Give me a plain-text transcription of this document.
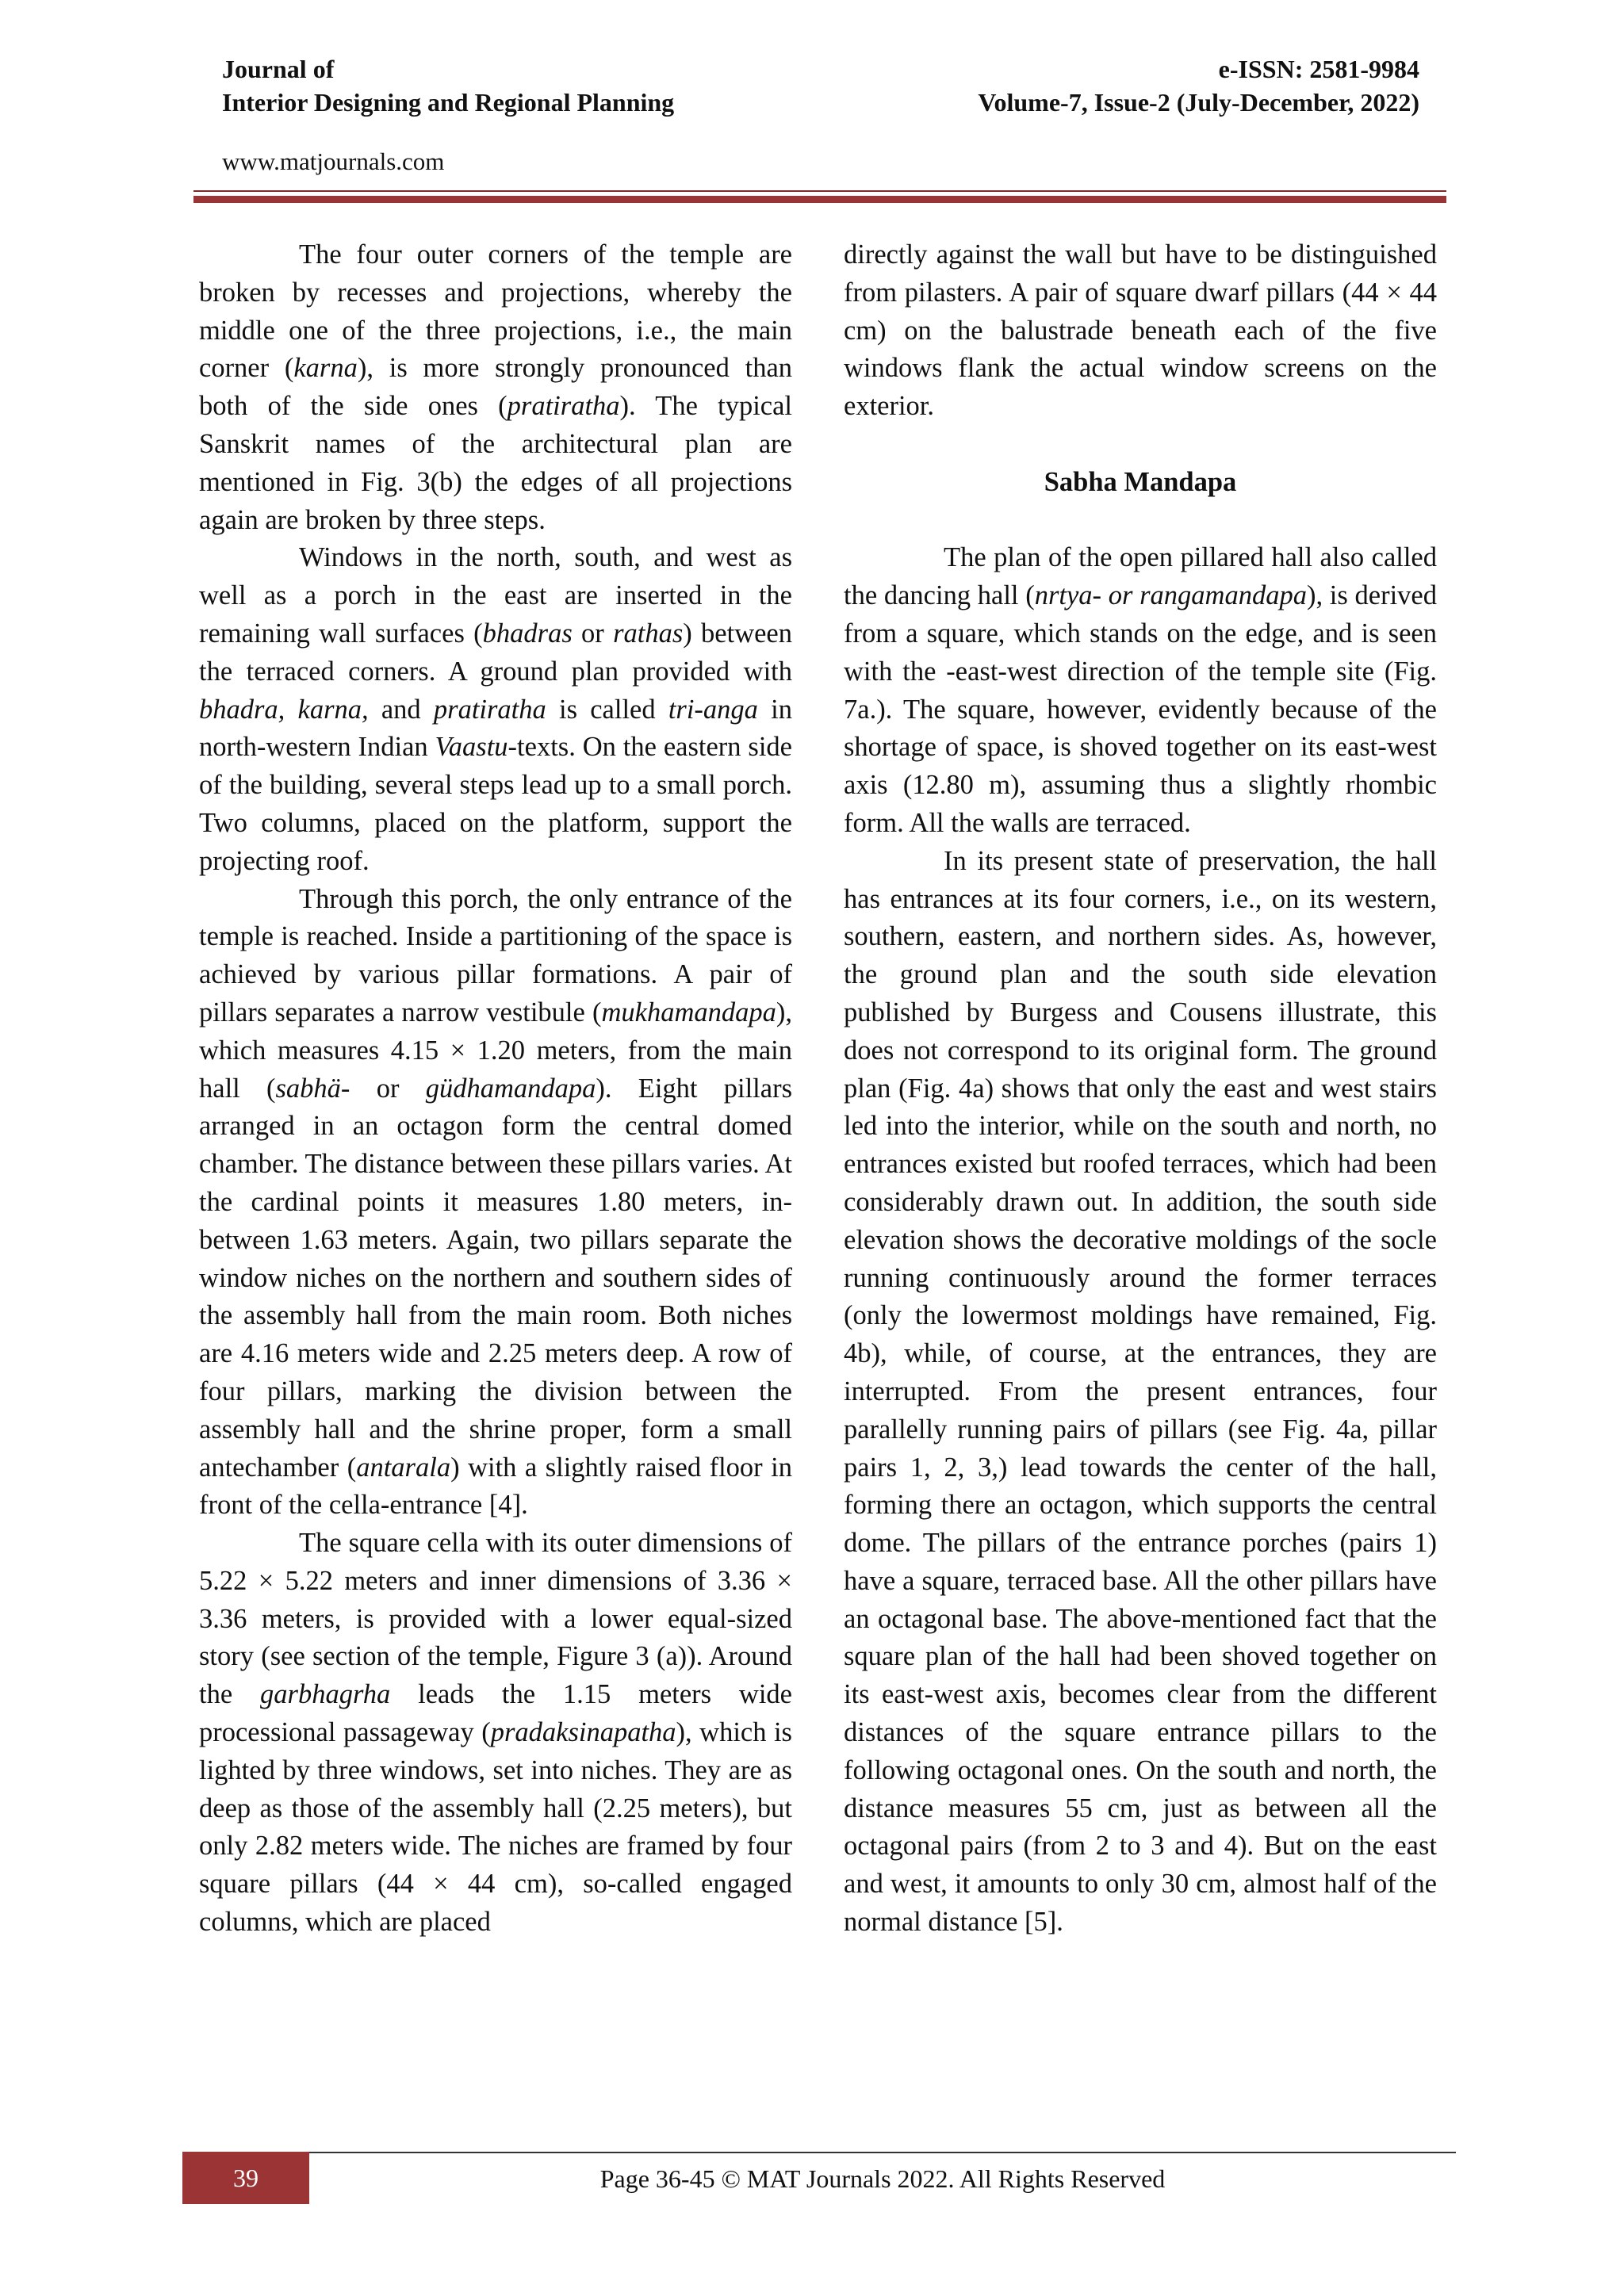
Journal of
Interior Designing and Regional Planning
e-ISSN: 2581-9984
Volume-7, Issue-2 (July-December, 2022)
www.matjournals.com

The four outer corners of the temple are broken by recesses and projections, whereby the middle one of the three projections, i.e., the main corner (karna), is more strongly pronounced than both of the side ones (pratiratha). The typical Sanskrit names of the architectural plan are mentioned in Fig. 3(b) the edges of all projections again are broken by three steps.

Windows in the north, south, and west as well as a porch in the east are inserted in the remaining wall surfaces (bhadras or rathas) between the terraced corners. A ground plan provided with bhadra, karna, and pratiratha is called tri-anga in north-western Indian Vaastu-texts. On the eastern side of the building, several steps lead up to a small porch. Two columns, placed on the platform, support the projecting roof.

Through this porch, the only entrance of the temple is reached. Inside a partitioning of the space is achieved by various pillar formations. A pair of pillars separates a narrow vestibule (mukhamandapa), which measures 4.15 × 1.20 meters, from the main hall (sabhä- or güdhamandapa). Eight pillars arranged in an octagon form the central domed chamber. The distance between these pillars varies. At the cardinal points it measures 1.80 meters, in-between 1.63 meters. Again, two pillars separate the window niches on the northern and southern sides of the assembly hall from the main room. Both niches are 4.16 meters wide and 2.25 meters deep. A row of four pillars, marking the division between the assembly hall and the shrine proper, form a small antechamber (antarala) with a slightly raised floor in front of the cella-entrance [4].

The square cella with its outer dimensions of 5.22 × 5.22 meters and inner dimensions of 3.36 × 3.36 meters, is provided with a lower equal-sized story (see section of the temple, Figure 3 (a)). Around the garbhagrha leads the 1.15 meters wide processional passageway (pradaksinapatha), which is lighted by three windows, set into niches. They are as deep as those of the assembly hall (2.25 meters), but only 2.82 meters wide. The niches are framed by four square pillars (44 × 44 cm), so-called engaged columns, which are placed

directly against the wall but have to be distinguished from pilasters. A pair of square dwarf pillars (44 × 44 cm) on the balustrade beneath each of the five windows flank the actual window screens on the exterior.

Sabha Mandapa

The plan of the open pillared hall also called the dancing hall (nrtya- or rangamandapa), is derived from a square, which stands on the edge, and is seen with the -east-west direction of the temple site (Fig. 7a.). The square, however, evidently because of the shortage of space, is shoved together on its east-west axis (12.80 m), assuming thus a slightly rhombic form. All the walls are terraced.

In its present state of preservation, the hall has entrances at its four corners, i.e., on its western, southern, eastern, and northern sides. As, however, the ground plan and the south side elevation published by Burgess and Cousens illustrate, this does not correspond to its original form. The ground plan (Fig. 4a) shows that only the east and west stairs led into the interior, while on the south and north, no entrances existed but roofed terraces, which had been considerably drawn out. In addition, the south side elevation shows the decorative moldings of the socle running continuously around the former terraces (only the lowermost moldings have remained, Fig. 4b), while, of course, at the entrances, they are interrupted. From the present entrances, four parallelly running pairs of pillars (see Fig. 4a, pillar pairs 1, 2, 3,) lead towards the center of the hall, forming there an octagon, which supports the central dome. The pillars of the entrance porches (pairs 1) have a square, terraced base. All the other pillars have an octagonal base. The above-mentioned fact that the square plan of the hall had been shoved together on its east-west axis, becomes clear from the different distances of the square entrance pillars to the following octagonal ones. On the south and north, the distance measures 55 cm, just as between all the octagonal pairs (from 2 to 3 and 4). But on the east and west, it amounts to only 30 cm, almost half of the normal distance [5].

39	Page 36-45 © MAT Journals 2022. All Rights Reserved
